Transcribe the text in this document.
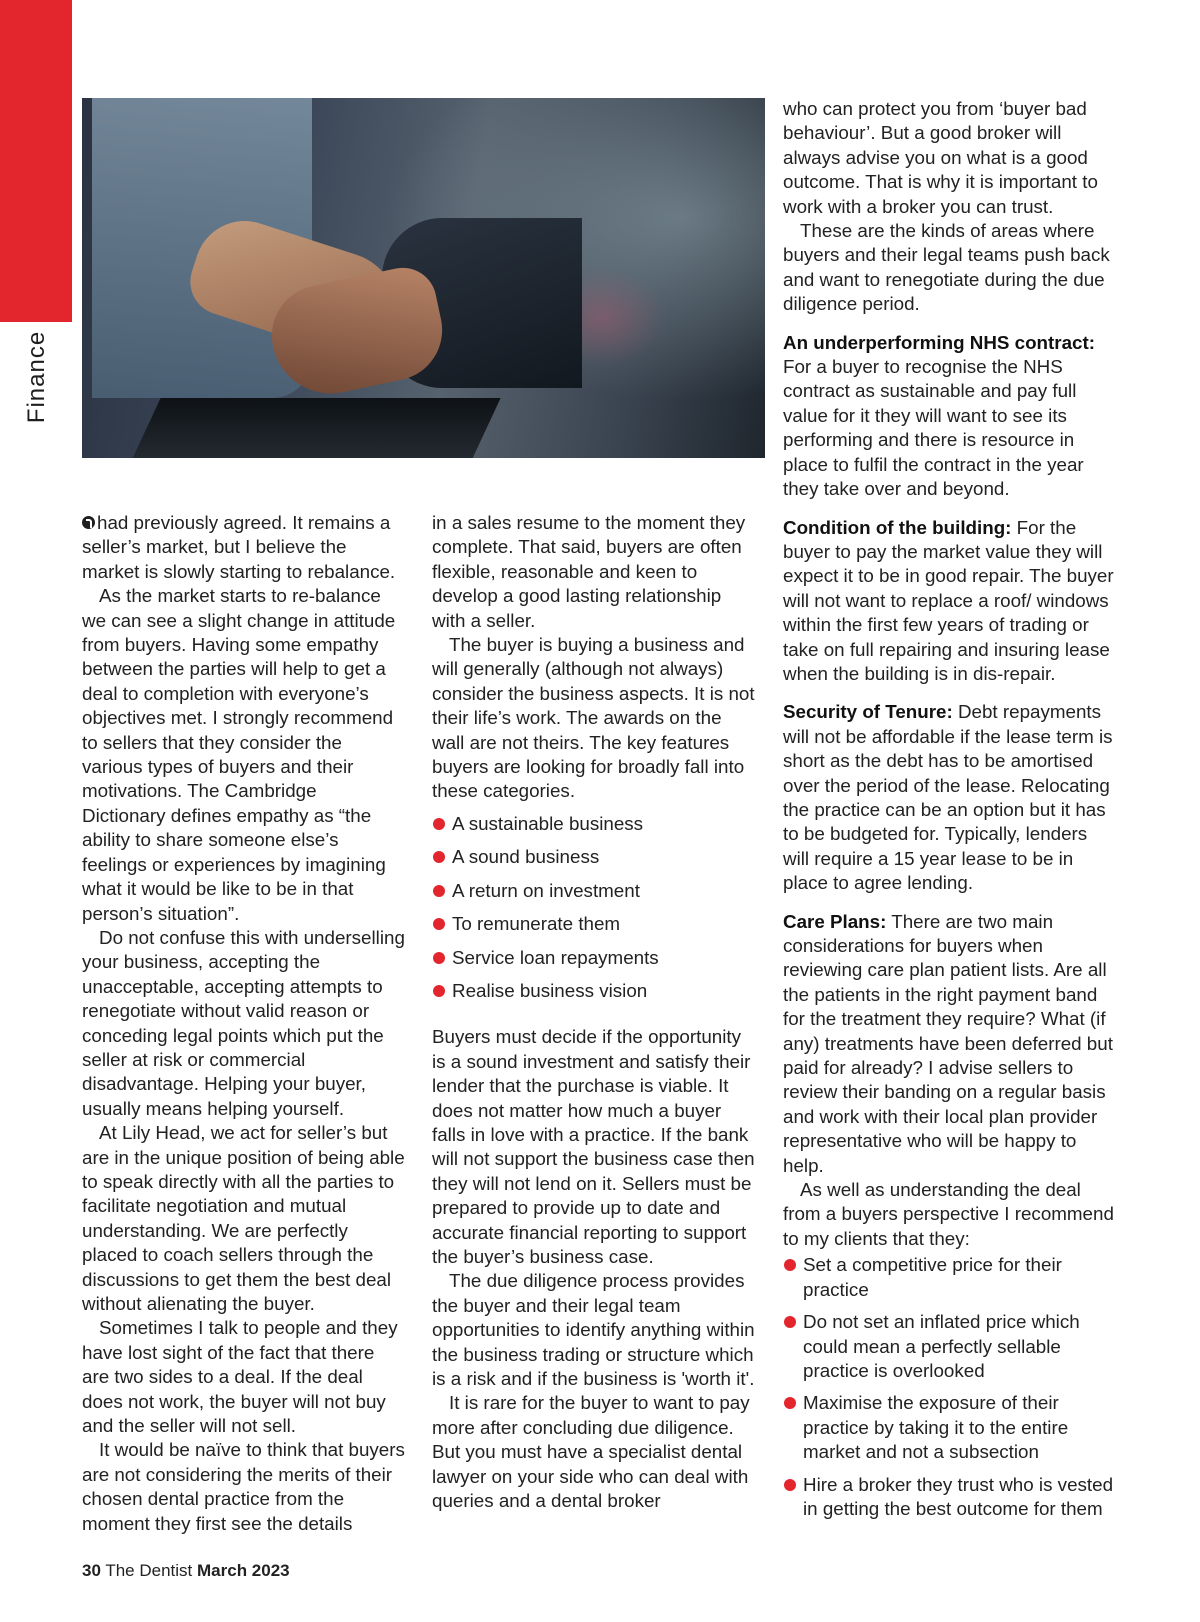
Finance

had previously agreed. It remains a seller’s market, but I believe the market is slowly starting to rebalance.

As the market starts to re-balance we can see a slight change in attitude from buyers. Having some empathy between the parties will help to get a deal to completion with everyone’s objectives met. I strongly recommend to sellers that they consider the various types of buyers and their motivations. The Cambridge Dictionary defines empathy as “the ability to share someone else’s feelings or experiences by imagining what it would be like to be in that person’s situation”.

Do not confuse this with underselling your business, accepting the unacceptable, accepting attempts to renegotiate without valid reason or conceding legal points which put the seller at risk or commercial disadvantage. Helping your buyer, usually means helping yourself.

At Lily Head, we act for seller’s but are in the unique position of being able to speak directly with all the parties to facilitate negotiation and mutual understanding. We are perfectly placed to coach sellers through the discussions to get them the best deal without alienating the buyer.

Sometimes I talk to people and they have lost sight of the fact that there are two sides to a deal. If the deal does not work, the buyer will not buy and the seller will not sell.

It would be naïve to think that buyers are not considering the merits of their chosen dental practice from the moment they first see the details

in a sales resume to the moment they complete. That said, buyers are often flexible, reasonable and keen to develop a good lasting relationship with a seller.

The buyer is buying a business and will generally (although not always) consider the business aspects. It is not their life’s work. The awards on the wall are not theirs. The key features buyers are looking for broadly fall into these categories.

A sustainable business
A sound business
A return on investment
To remunerate them
Service loan repayments
Realise business vision

Buyers must decide if the opportunity is a sound investment and satisfy their lender that the purchase is viable. It does not matter how much a buyer falls in love with a practice. If the bank will not support the business case then they will not lend on it. Sellers must be prepared to provide up to date and accurate financial reporting to support the buyer’s business case.

The due diligence process provides the buyer and their legal team opportunities to identify anything within the business trading or structure which is a risk and if the business is 'worth it'.

It is rare for the buyer to want to pay more after concluding due diligence. But you must have a specialist dental lawyer on your side who can deal with queries and a dental broker

who can protect you from ‘buyer bad behaviour’. But a good broker will always advise you on what is a good outcome. That is why it is important to work with a broker you can trust.

These are the kinds of areas where buyers and their legal teams push back and want to renegotiate during the due diligence period.

An underperforming NHS contract: For a buyer to recognise the NHS contract as sustainable and pay full value for it they will want to see its performing and there is resource in place to fulfil the contract in the year they take over and beyond.

Condition of the building: For the buyer to pay the market value they will expect it to be in good repair. The buyer will not want to replace a roof/ windows within the first few years of trading or take on full repairing and insuring lease when the building is in dis-repair.

Security of Tenure: Debt repayments will not be affordable if the lease term is short as the debt has to be amortised over the period of the lease. Relocating the practice can be an option but it has to be budgeted for. Typically, lenders will require a 15 year lease to be in place to agree lending.

Care Plans: There are two main considerations for buyers when reviewing care plan patient lists. Are all the patients in the right payment band for the treatment they require? What (if any) treatments have been deferred but paid for already? I advise sellers to review their banding on a regular basis and work with their local plan provider representative who will be happy to help.

As well as understanding the deal from a buyers perspective I recommend to my clients that they:

Set a competitive price for their practice
Do not set an inflated price which could mean a perfectly sellable practice is overlooked
Maximise the exposure of their practice by taking it to the entire market and not a subsection
Hire a broker they trust who is vested in getting the best outcome for them
30 The Dentist March 2023
